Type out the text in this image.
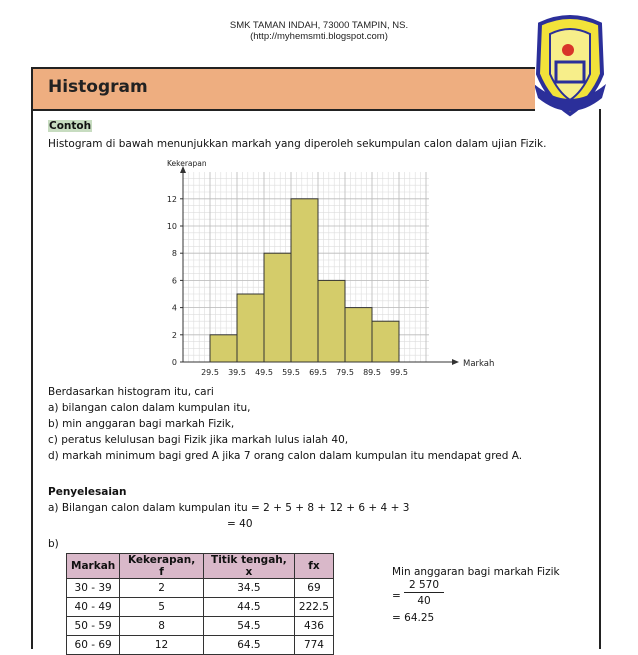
SMK TAMAN INDAH, 73000 TAMPIN, NS.
(http://myhemsmti.blogspot.com)
Histogram
Contoh
Histogram di bawah menunjukkan markah yang diperoleh sekumpulan calon dalam ujian Fizik.
0
2
4
6
8
10
12
29.5 39.5 49.5 59.5 69.5 79.5 89.5 99.5
Markah
Kekerapan
Berdasarkan histogram itu, cari
a) bilangan calon dalam kumpulan itu,
b) min anggaran bagi markah Fizik,
c) peratus kelulusan bagi Fizik jika markah lulus ialah 40,
d) markah minimum bagi gred A jika 7 orang calon dalam kumpulan itu mendapat gred A.
Penyelesaian
a) Bilangan calon dalam kumpulan itu = 2 + 5 + 8 + 12 + 6 + 4 + 3
= 40
b)
Markah	Kekerapan, f	Titik tengah, x	fx
30 - 39	2	34.5	69
40 - 49	5	44.5	222.5
50 - 59	8	54.5	436
60 - 69	12	64.5	774
Min anggaran bagi markah Fizik
=
2 570
40
= 64.25
